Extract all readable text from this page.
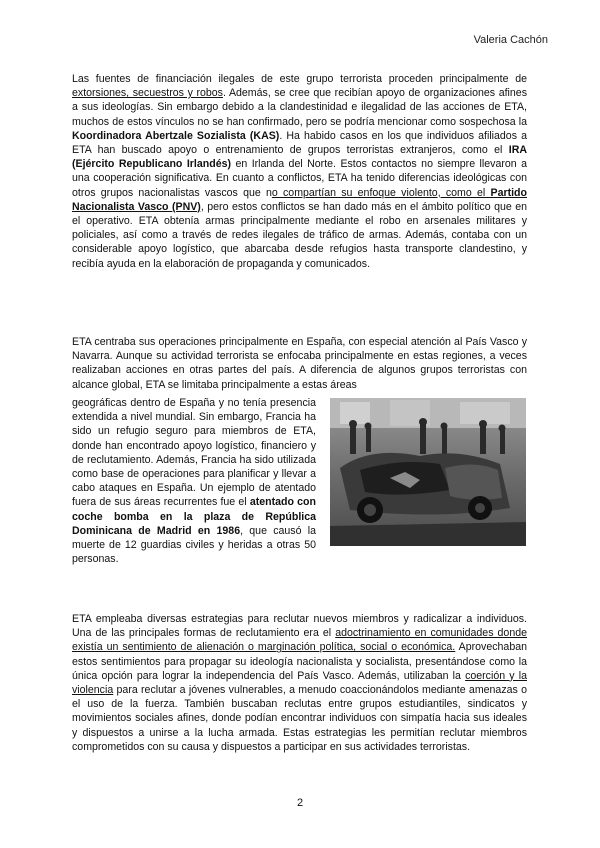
Valeria Cachón

Las fuentes de financiación ilegales de este grupo terrorista proceden principalmente de extorsiones, secuestros y robos. Además, se cree que recibían apoyo de organizaciones afines a sus ideologías. Sin embargo debido a la clandestinidad e ilegalidad de las acciones de ETA, muchos de estos vínculos no se han confirmado, pero se podría mencionar como sospechosa la Koordinadora Abertzale Sozialista (KAS). Ha habido casos en los que individuos afiliados a ETA han buscado apoyo o entrenamiento de grupos terroristas extranjeros, como el IRA (Ejército Republicano Irlandés) en Irlanda del Norte. Estos contactos no siempre llevaron a una cooperación significativa. En cuanto a conflictos, ETA ha tenido diferencias ideológicas con otros grupos nacionalistas vascos que no compartían su enfoque violento, como el Partido Nacionalista Vasco (PNV), pero estos conflictos se han dado más en el ámbito político que en el operativo. ETA obtenía armas principalmente mediante el robo en arsenales militares y policiales, así como a través de redes ilegales de tráfico de armas. Además, contaba con un considerable apoyo logístico, que abarcaba desde refugios hasta transporte clandestino, y recibía ayuda en la elaboración de propaganda y comunicados.

ETA centraba sus operaciones principalmente en España, con especial atención al País Vasco y Navarra. Aunque su actividad terrorista se enfocaba principalmente en estas regiones, a veces realizaban acciones en otras partes del país. A diferencia de algunos grupos terroristas con alcance global, ETA se limitaba principalmente a estas áreas

geográficas dentro de España y no tenía presencia extendida a nivel mundial. Sin embargo, Francia ha sido un refugio seguro para miembros de ETA, donde han encontrado apoyo logístico, financiero y de reclutamiento. Además, Francia ha sido utilizada como base de operaciones para planificar y llevar a cabo ataques en España. Un ejemplo de atentado fuera de sus áreas recurrentes fue el atentado con coche bomba en la plaza de República Dominicana de Madrid en 1986, que causó la muerte de 12 guardias civiles y heridas a otras 50 personas.

ETA empleaba diversas estrategias para reclutar nuevos miembros y radicalizar a individuos. Una de las principales formas de reclutamiento era el adoctrinamiento en comunidades donde existía un sentimiento de alienación o marginación política, social o económica. Aprovechaban estos sentimientos para propagar su ideología nacionalista y socialista, presentándose como la única opción para lograr la independencia del País Vasco. Además, utilizaban la coerción y la violencia para reclutar a jóvenes vulnerables, a menudo coaccionándolos mediante amenazas o el uso de la fuerza. También buscaban reclutas entre grupos estudiantiles, sindicatos y movimientos sociales afines, donde podían encontrar individuos con simpatía hacia sus ideales y dispuestos a unirse a la lucha armada. Estas estrategias les permitían reclutar miembros comprometidos con su causa y dispuestos a participar en sus actividades terroristas.

2
